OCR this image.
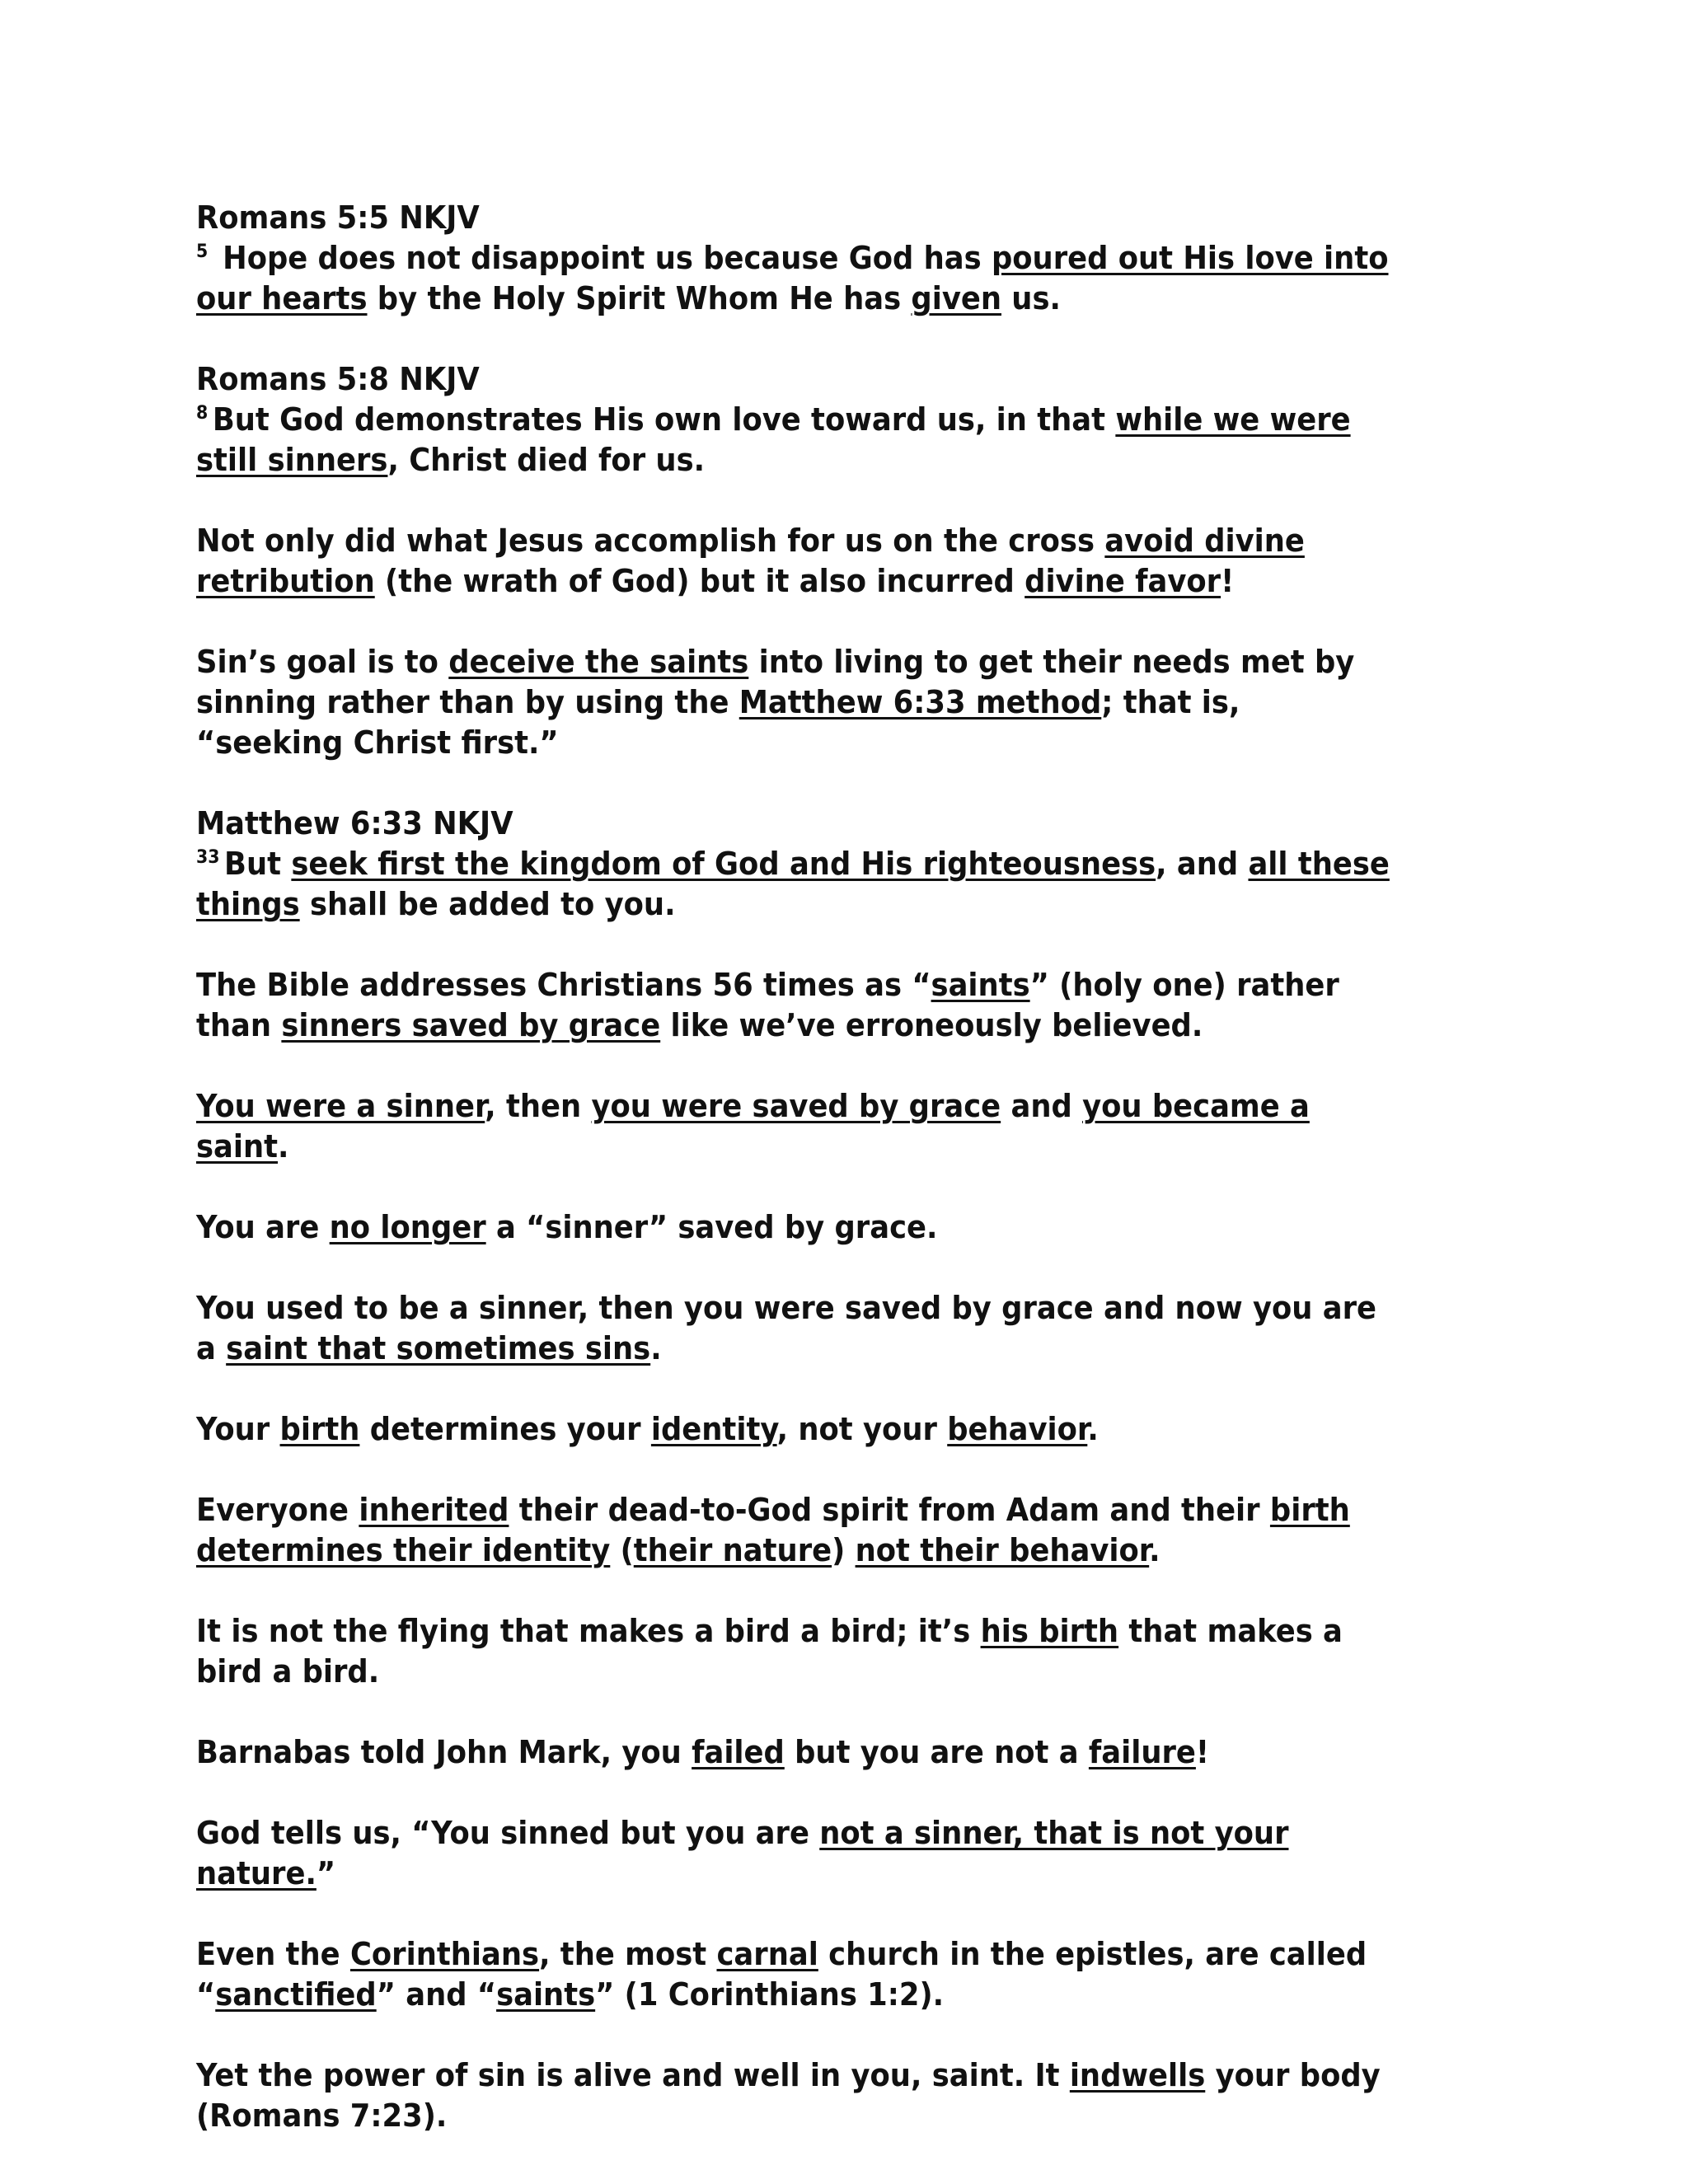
Romans 5:5 NKJV
$^5$ Hope does not disappoint us because God has poured out His love into our hearts by the Holy Spirit Whom He has given us.
Romans 5:8 NKJV
$^8$ But God demonstrates His own love toward us, in that while we were still sinners, Christ died for us.
Not only did what Jesus accomplish for us on the cross avoid divine retribution (the wrath of God) but it also incurred divine favor!
Sin’s goal is to deceive the saints into living to get their needs met by sinning rather than by using the Matthew 6:33 method; that is, “seeking Christ first.”
Matthew 6:33 NKJV
$^{33}$ But seek first the kingdom of God and His righteousness, and all these things shall be added to you.
The Bible addresses Christians 56 times as “saints” (holy one) rather than sinners saved by grace like we’ve erroneously believed.
You were a sinner, then you were saved by grace and you became a saint.
You are no longer a “sinner” saved by grace.
You used to be a sinner, then you were saved by grace and now you are a saint that sometimes sins.
Your birth determines your identity, not your behavior.
Everyone inherited their dead-to-God spirit from Adam and their birth determines their identity (their nature) not their behavior.
It is not the flying that makes a bird a bird; it’s his birth that makes a bird a bird.
Barnabas told John Mark, you failed but you are not a failure!
God tells us, “You sinned but you are not a sinner, that is not your nature.”
Even the Corinthians, the most carnal church in the epistles, are called “sanctified” and “saints” (1 Corinthians 1:2).
Yet the power of sin is alive and well in you, saint. It indwells your body (Romans 7:23).
